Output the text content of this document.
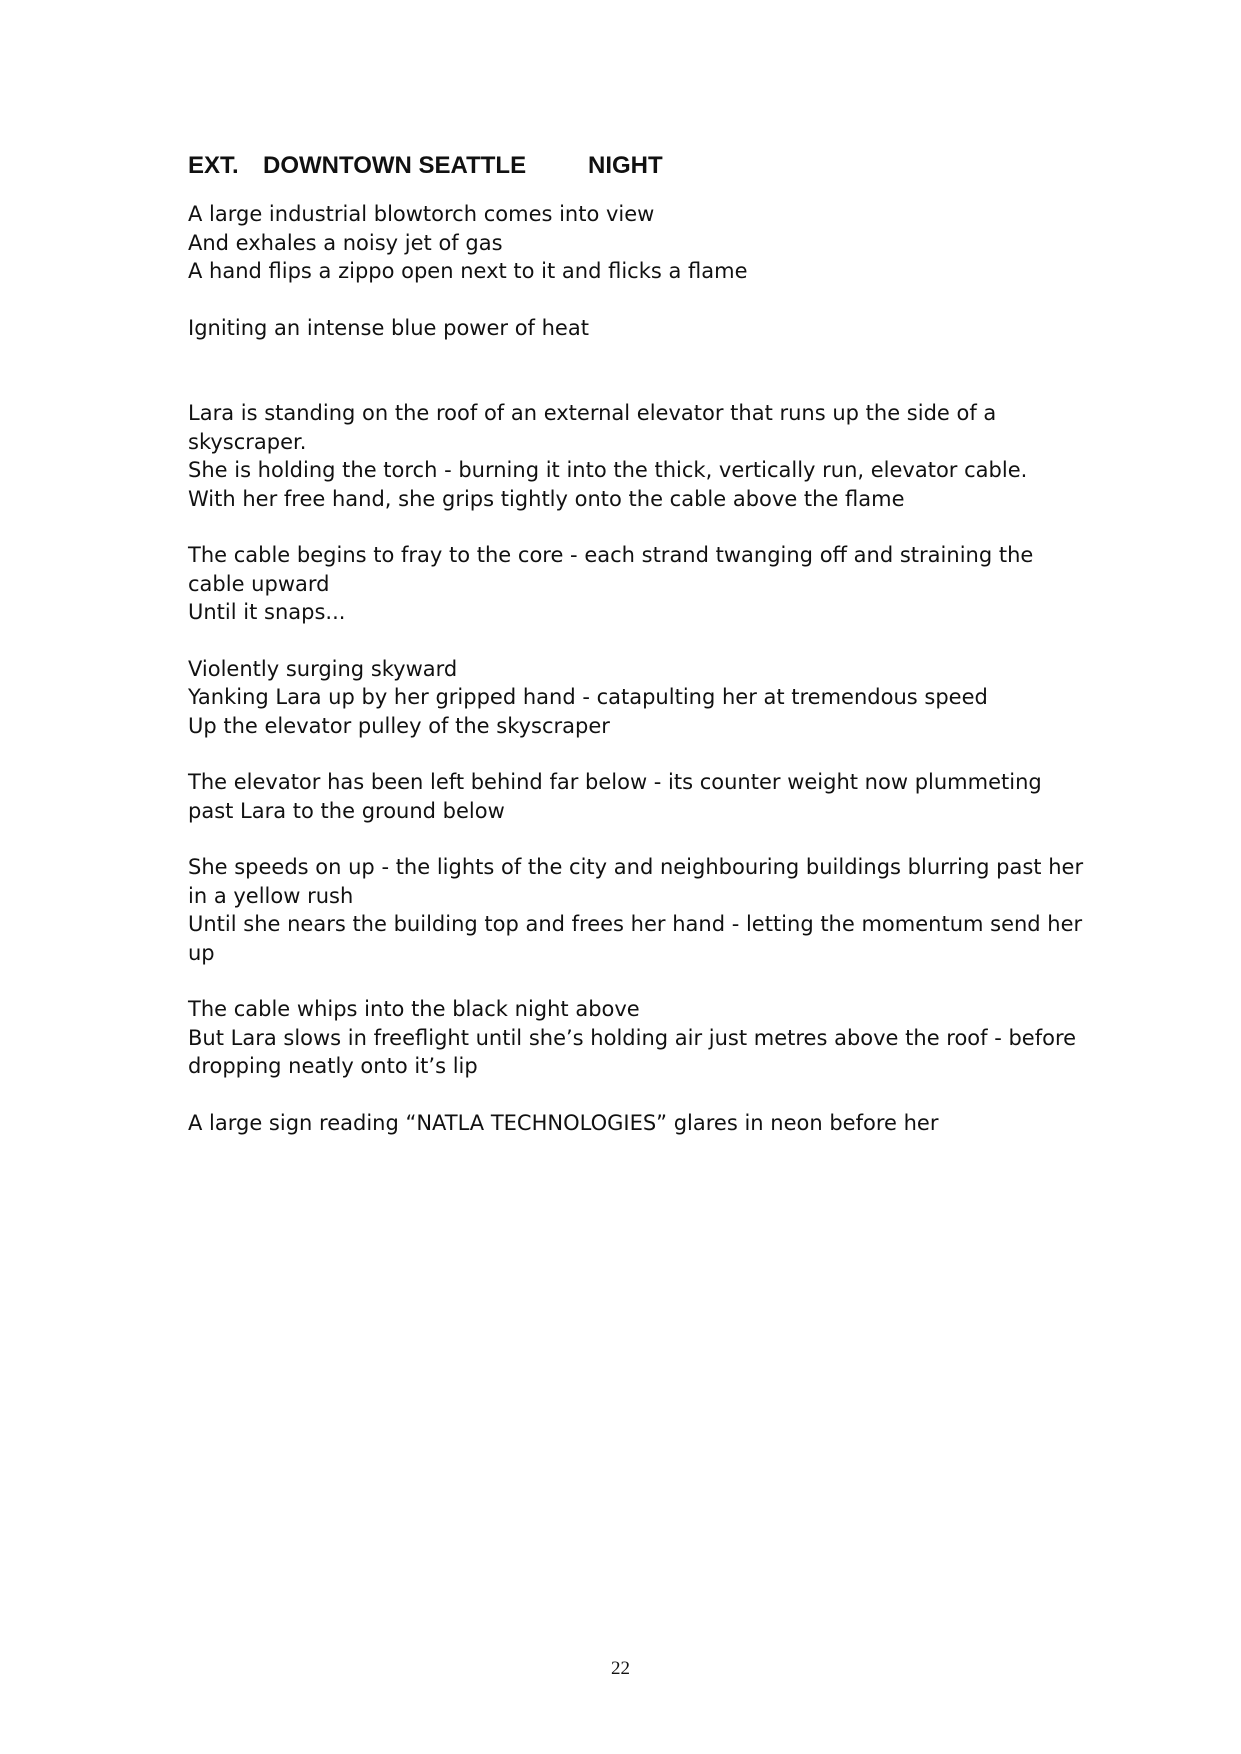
EXT. DOWNTOWN SEATTLE	NIGHT
A large industrial blowtorch comes into view
And exhales a noisy jet of gas
A hand flips a zippo open next to it and flicks a flame
Igniting an intense blue power of heat
Lara is standing on the roof of an external elevator that runs up the side of a skyscraper.
She is holding the torch - burning it into the thick, vertically run, elevator cable.
With her free hand, she grips tightly onto the cable above the flame
The cable begins to fray to the core - each strand twanging off and straining the cable upward
Until it snaps...
Violently surging skyward
Yanking Lara up by her gripped hand - catapulting her at tremendous speed
Up the elevator pulley of the skyscraper
The elevator has been left behind far below - its counter weight now plummeting past Lara to the ground below
She speeds on up - the lights of the city and neighbouring buildings blurring past her in a yellow rush
Until she nears the building top and frees her hand - letting the momentum send her up
The cable whips into the black night above
But Lara slows in freeflight until she’s holding air just metres above the roof - before dropping neatly onto it’s lip
A large sign reading “NATLA TECHNOLOGIES” glares in neon before her
22
